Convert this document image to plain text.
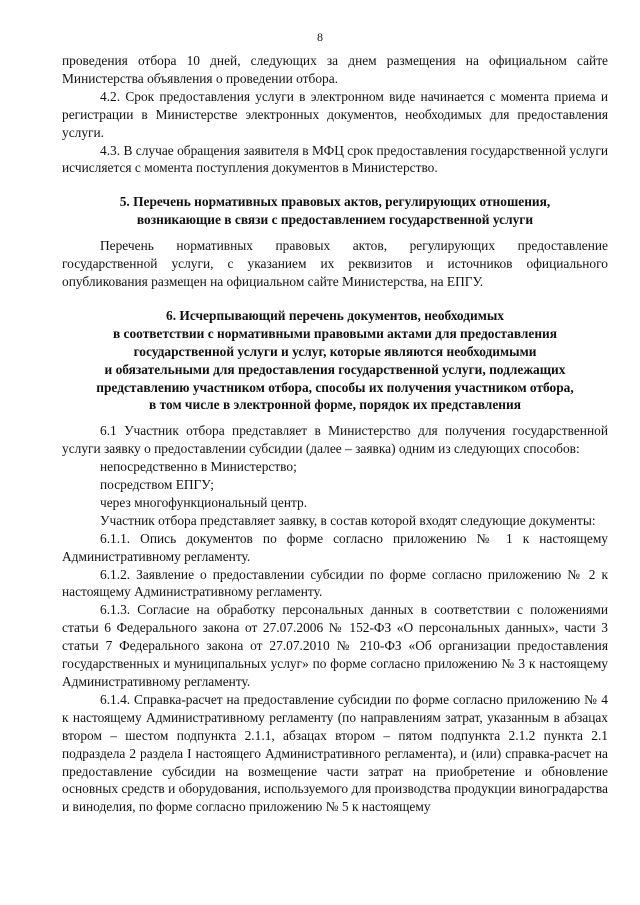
8

проведения отбора 10 дней, следующих за днем размещения на официальном сайте Министерства объявления о проведении отбора.

4.2. Срок предоставления услуги в электронном виде начинается с момента приема и регистрации в Министерстве электронных документов, необходимых для предоставления услуги.

4.3. В случае обращения заявителя в МФЦ срок предоставления государственной услуги исчисляется с момента поступления документов в Министерство.

5. Перечень нормативных правовых актов, регулирующих отношения,
возникающие в связи с предоставлением государственной услуги

Перечень нормативных правовых актов, регулирующих предоставление государственной услуги, с указанием их реквизитов и источников официального опубликования размещен на официальном сайте Министерства, на ЕПГУ.

6. Исчерпывающий перечень документов, необходимых
в соответствии с нормативными правовыми актами для предоставления
государственной услуги и услуг, которые являются необходимыми
и обязательными для предоставления государственной услуги, подлежащих
представлению участником отбора, способы их получения участником отбора,
в том числе в электронной форме, порядок их представления

6.1 Участник отбора представляет в Министерство для получения государственной услуги заявку о предоставлении субсидии (далее – заявка) одним из следующих способов:

непосредственно в Министерство;

посредством ЕПГУ;

через многофункциональный центр.

Участник отбора представляет заявку, в состав которой входят следующие документы:

6.1.1. Опись документов по форме согласно приложению № 1 к настоящему Административному регламенту.

6.1.2. Заявление о предоставлении субсидии по форме согласно приложению № 2 к настоящему Административному регламенту.

6.1.3. Согласие на обработку персональных данных в соответствии с положениями статьи 6 Федерального закона от 27.07.2006 № 152-ФЗ «О персональных данных», части 3 статьи 7 Федерального закона от 27.07.2010 № 210-ФЗ «Об организации предоставления государственных и муниципальных услуг» по форме согласно приложению № 3 к настоящему Административному регламенту.

6.1.4. Справка-расчет на предоставление субсидии по форме согласно приложению № 4 к настоящему Административному регламенту (по направлениям затрат, указанным в абзацах втором – шестом подпункта 2.1.1, абзацах втором – пятом подпункта 2.1.2 пункта 2.1 подраздела 2 раздела I настоящего Административного регламента), и (или) справка-расчет на предоставление субсидии на возмещение части затрат на приобретение и обновление основных средств и оборудования, используемого для производства продукции виноградарства и виноделия, по форме согласно приложению № 5 к настоящему
